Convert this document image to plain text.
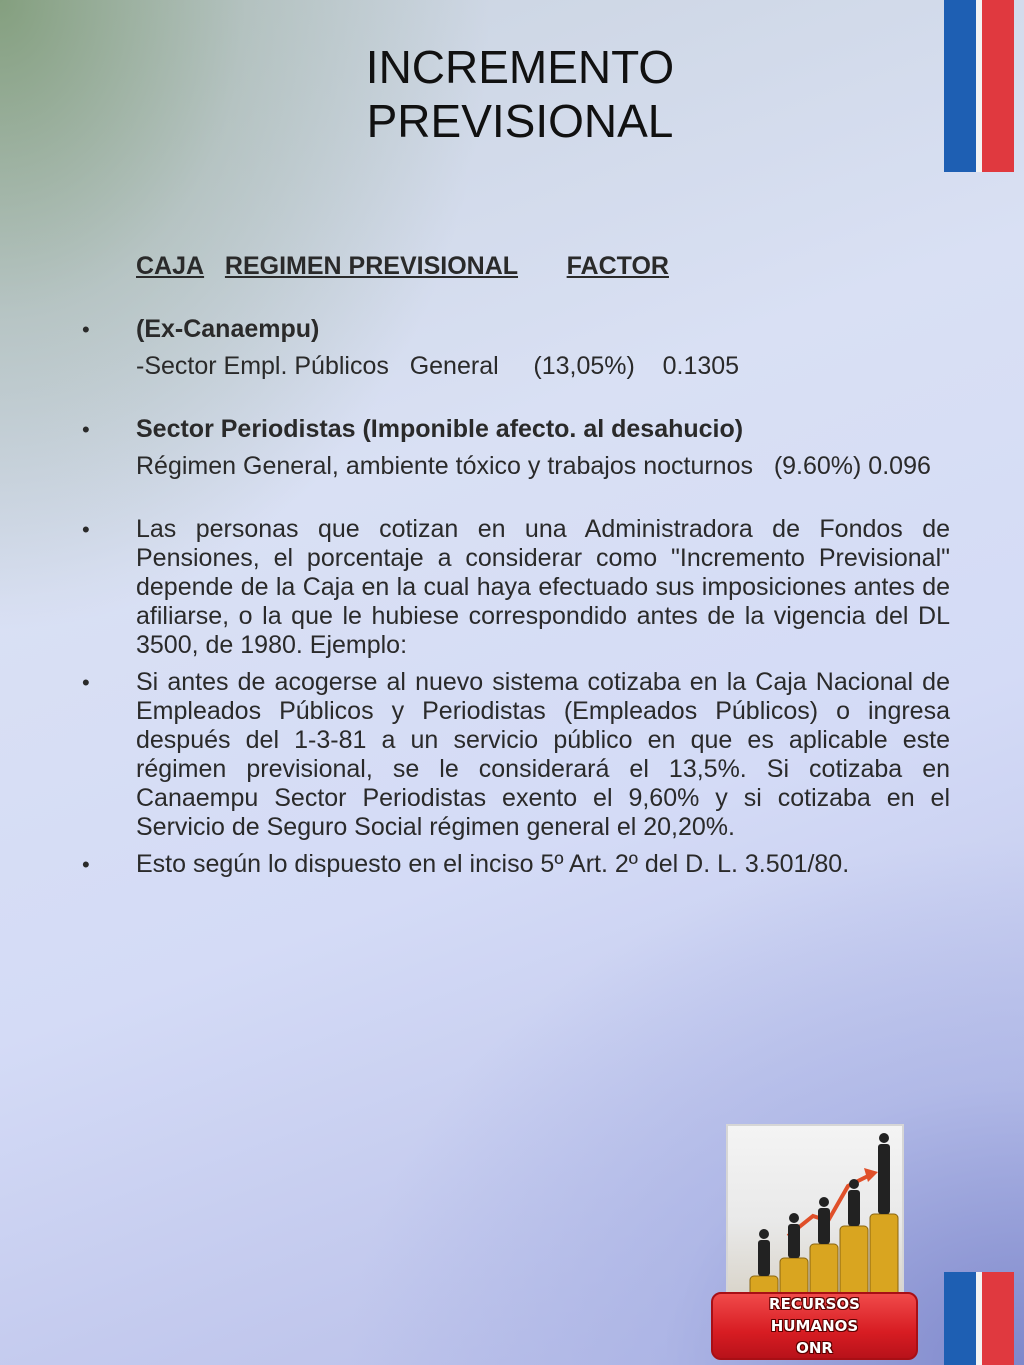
INCREMENTO
PREVISIONAL
CAJA REGIMEN PREVISIONAL FACTOR
• (Ex-Canaempu)
-Sector Empl. Públicos   General     (13,05%)    0.1305
• Sector Periodistas (Imponible afecto. al desahucio)
Régimen General, ambiente tóxico y trabajos nocturnos   (9.60%) 0.096
• Las personas que cotizan en una Administradora de Fondos de Pensiones, el porcentaje a considerar como "Incremento Previsional" depende de la Caja en la cual haya efectuado sus imposiciones antes de afiliarse, o la que le hubiese correspondido antes de la vigencia del DL 3500, de 1980. Ejemplo:
• Si antes de acogerse al nuevo sistema cotizaba en la Caja Nacional de Empleados Públicos y Periodistas (Empleados Públicos) o ingresa después del 1-3-81 a un servicio público en que es aplicable este régimen previsional, se le considerará el 13,5%. Si cotizaba en Canaempu Sector Periodistas exento el 9,60% y si cotizaba en el Servicio de Seguro Social régimen general el 20,20%.
• Esto según lo dispuesto en el inciso 5º Art. 2º del D. L. 3.501/80.
RECURSOS
HUMANOS
ONR
